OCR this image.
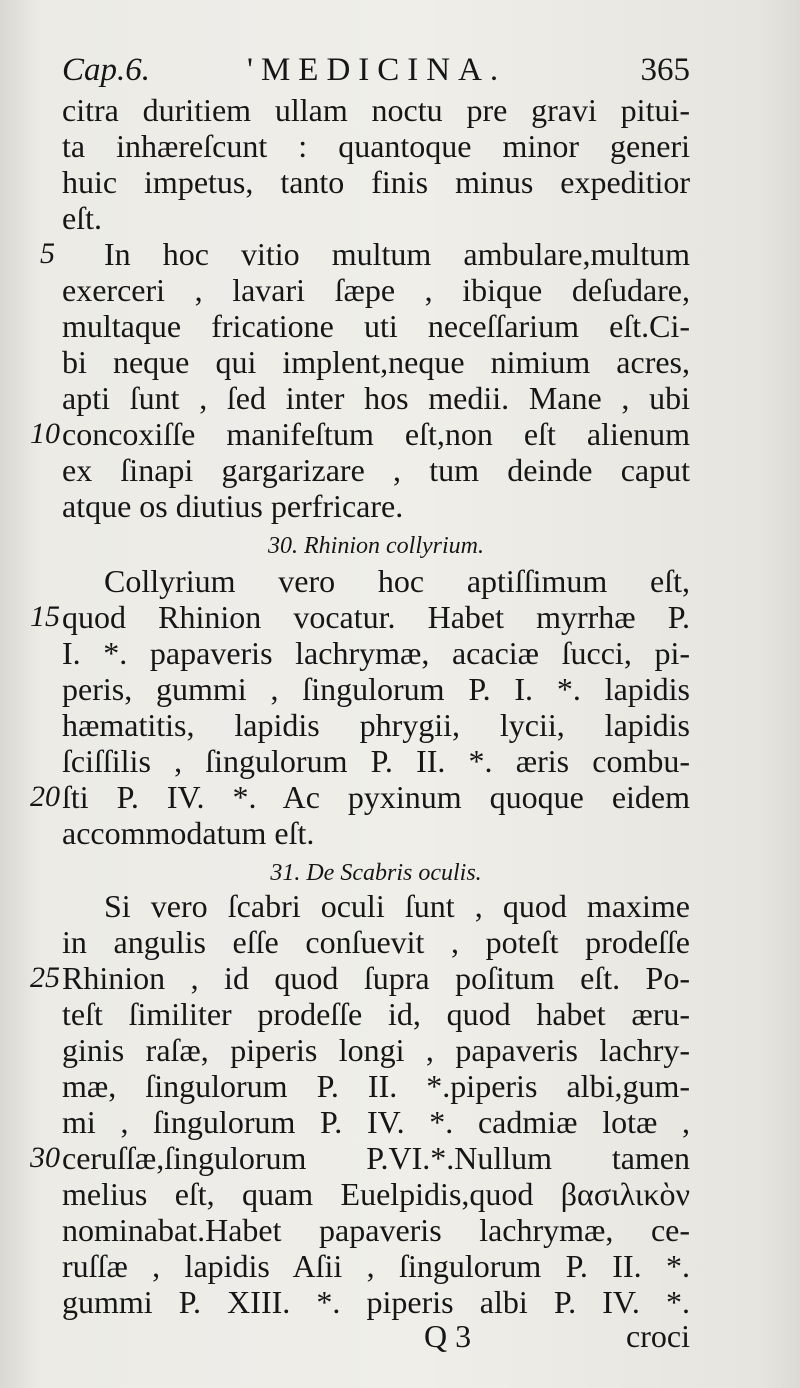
Cap.6.	'MEDICINA.	365
citra duritiem ullam noctu pre gravi pitui-
ta inhæreſcunt : quantoque minor generi
huic impetus, tanto finis minus expeditior
eſt.
In hoc vitio multum ambulare,multum
exerceri , lavari ſæpe , ibique deſudare,
multaque fricatione uti neceſſarium eſt.Ci-
bi neque qui implent,neque nimium acres,
apti ſunt , ſed inter hos medii. Mane , ubi
concoxiſſe manifeſtum eſt,non eſt alienum
ex ſinapi gargarizare , tum deinde caput
atque os diutius perfricare.
30. Rhinion collyrium.
Collyrium vero hoc aptiſſimum eſt,
quod Rhinion vocatur. Habet myrrhæ P.
I. *. papaveris lachrymæ, acaciæ ſucci, pi-
peris, gummi , ſingulorum P. I. *. lapidis
hæmatitis, lapidis phrygii, lycii, lapidis
ſciſſilis , ſingulorum P. II. *. æris combu-
ſti P. IV. *. Ac pyxinum quoque eidem
accommodatum eſt.
31. De Scabris oculis.
Si vero ſcabri oculi ſunt , quod maxime
in angulis eſſe conſuevit , poteſt prodeſſe
Rhinion , id quod ſupra poſitum eſt. Po-
teſt ſimiliter prodeſſe id, quod habet æru-
ginis raſæ, piperis longi , papaveris lachry-
mæ, ſingulorum P. II. *.piperis albi,gum-
mi , ſingulorum P. IV. *. cadmiæ lotæ ,
ceruſſæ,ſingulorum P.VI.*.Nullum tamen
melius eſt, quam Euelpidis,quod βασιλικὸν
nominabat.Habet papaveris lachrymæ, ce-
ruſſæ , lapidis Aſii , ſingulorum P. II. *.
gummi P. XIII. *. piperis albi P. IV. *.
5
10
15
20
25
30
Q 3	croci
